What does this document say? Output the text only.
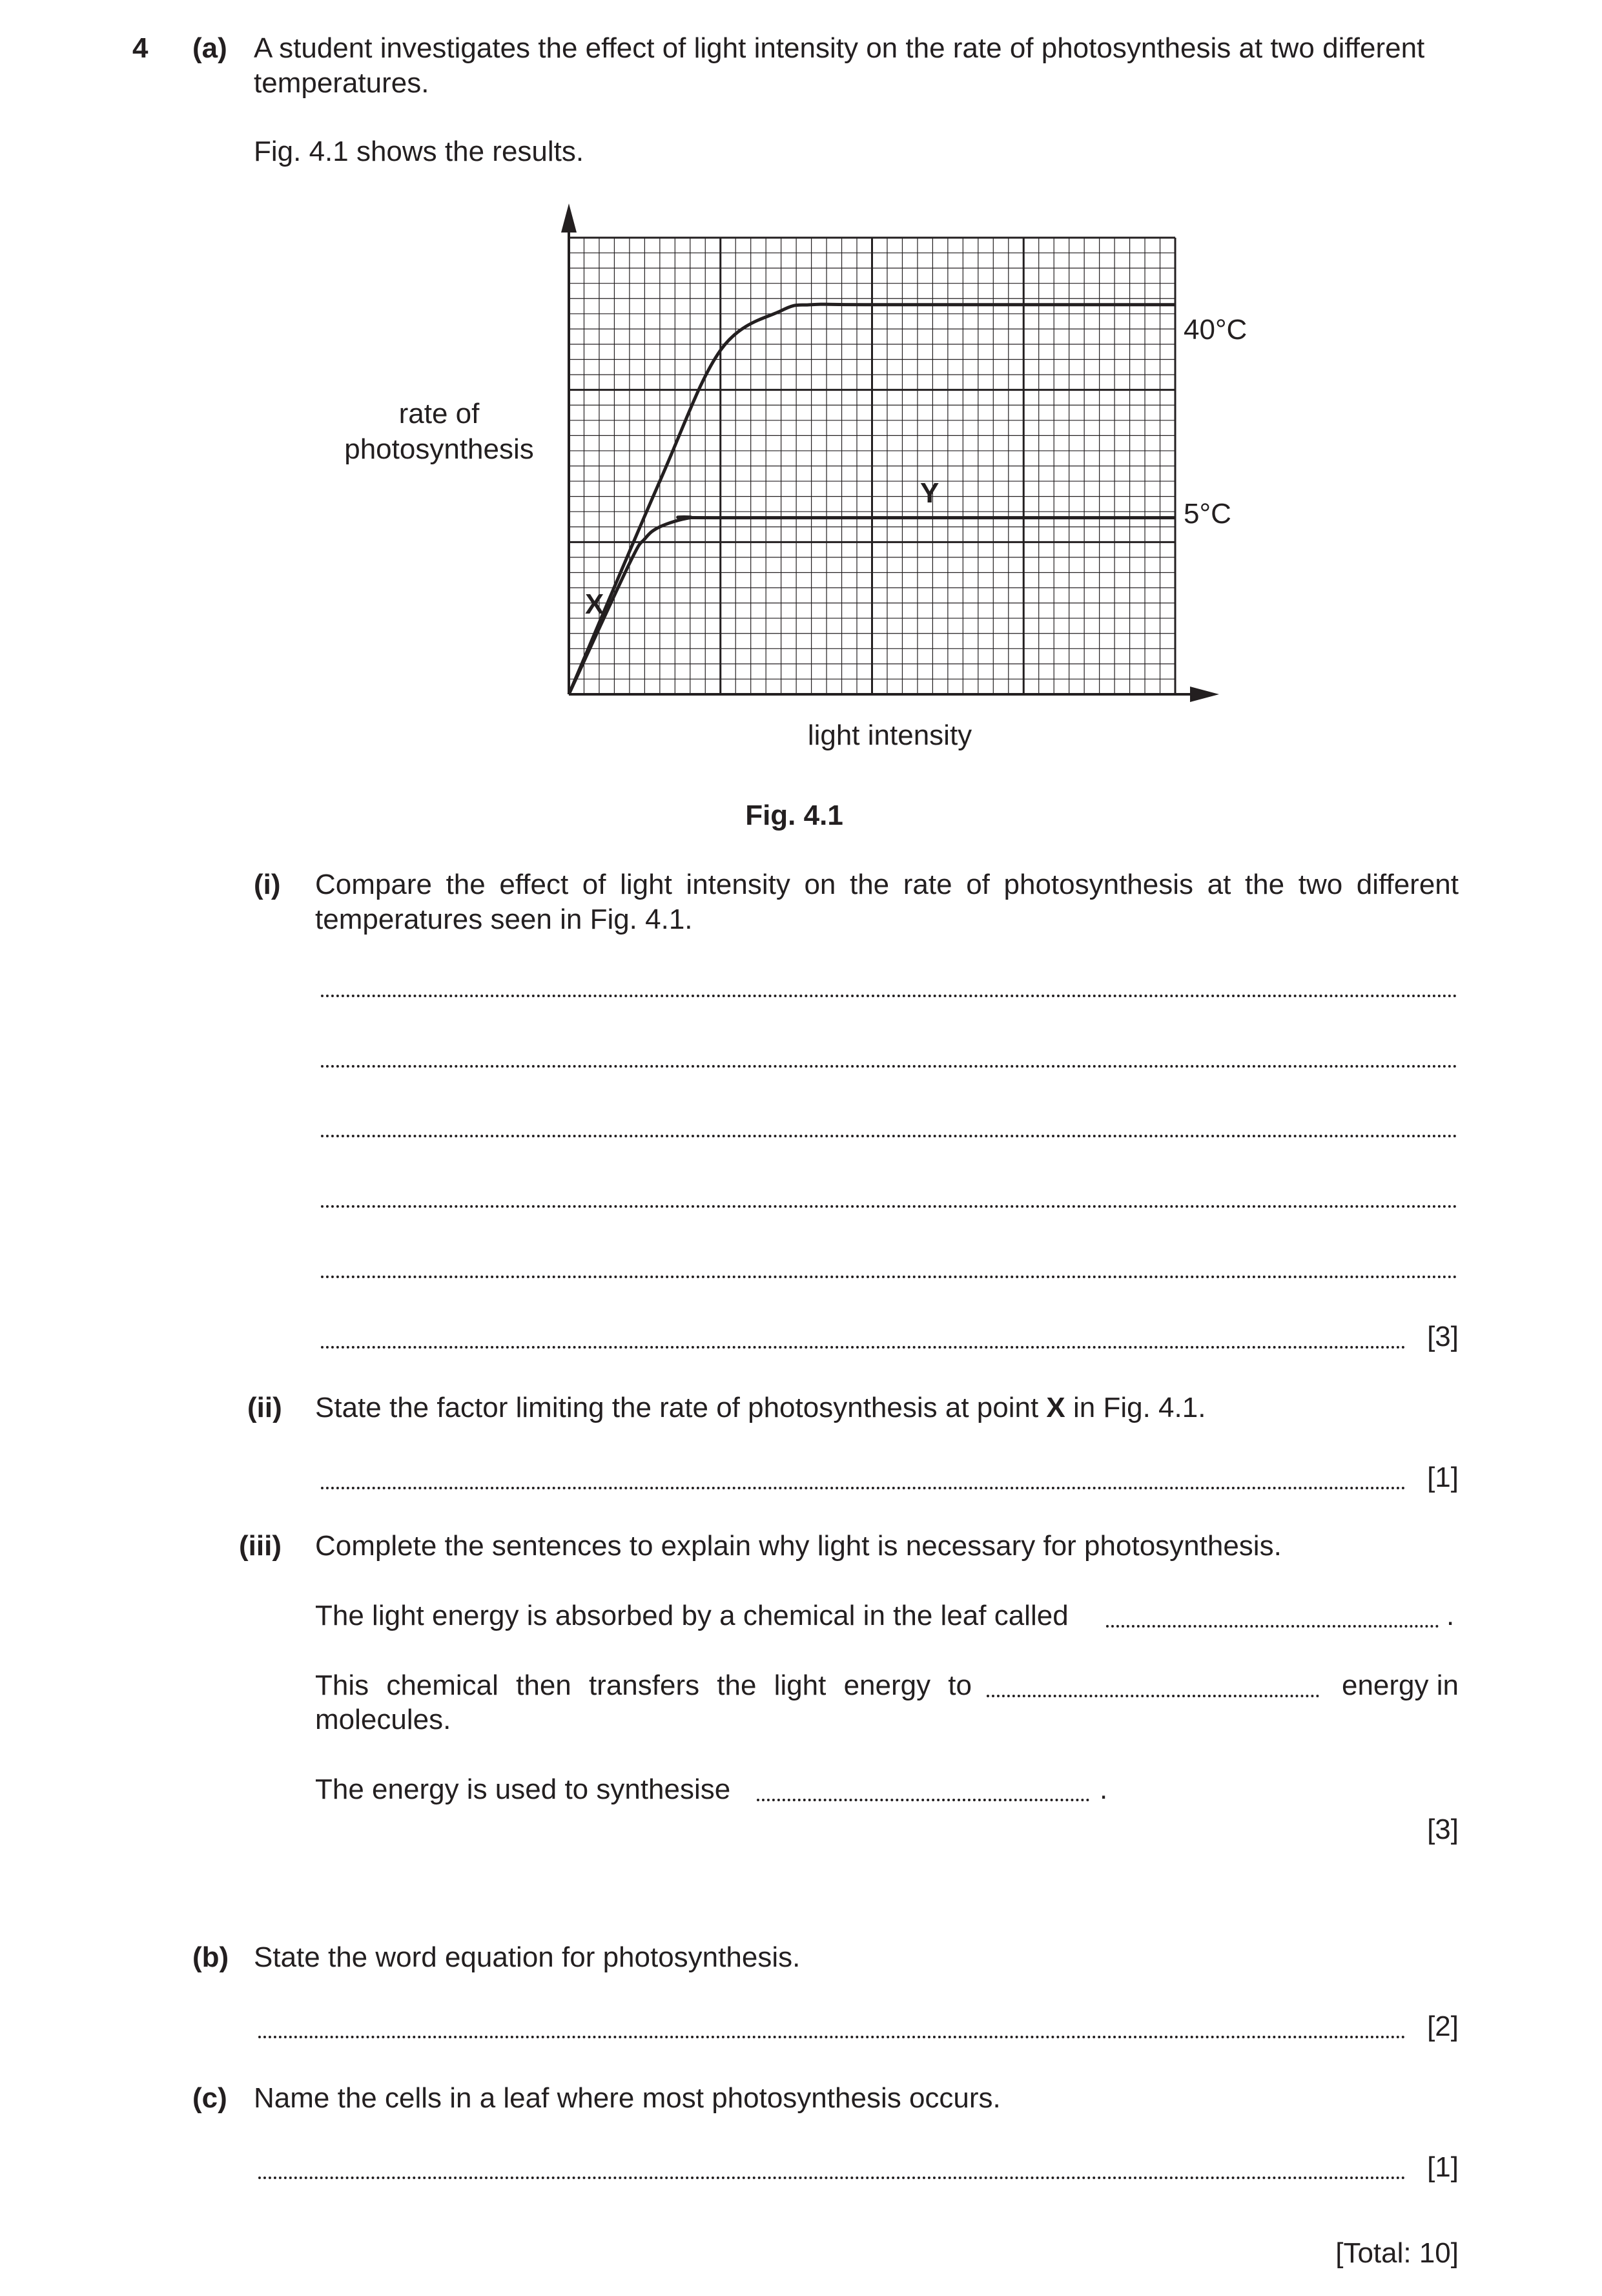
4 (a) A student investigates the effect of light intensity on the rate of photosynthesis at two different temperatures.
Fig. 4.1 shows the results.
40°C
5°C
X
Y
rate of
photosynthesis
light intensity
Fig. 4.1
(i) Compare the effect of light intensity on the rate of photosynthesis at the two different temperatures seen in Fig. 4.1.
[3]
(ii) State the factor limiting the rate of photosynthesis at point X in Fig. 4.1.
[1]
(iii) Complete the sentences to explain why light is necessary for photosynthesis.
The light energy is absorbed by a chemical in the leaf called	.
This chemical then transfers the light energy to	energy in
molecules.
The energy is used to synthesise	.
[3]
(b) State the word equation for photosynthesis.
[2]
(c) Name the cells in a leaf where most photosynthesis occurs.
[1]
[Total: 10]
